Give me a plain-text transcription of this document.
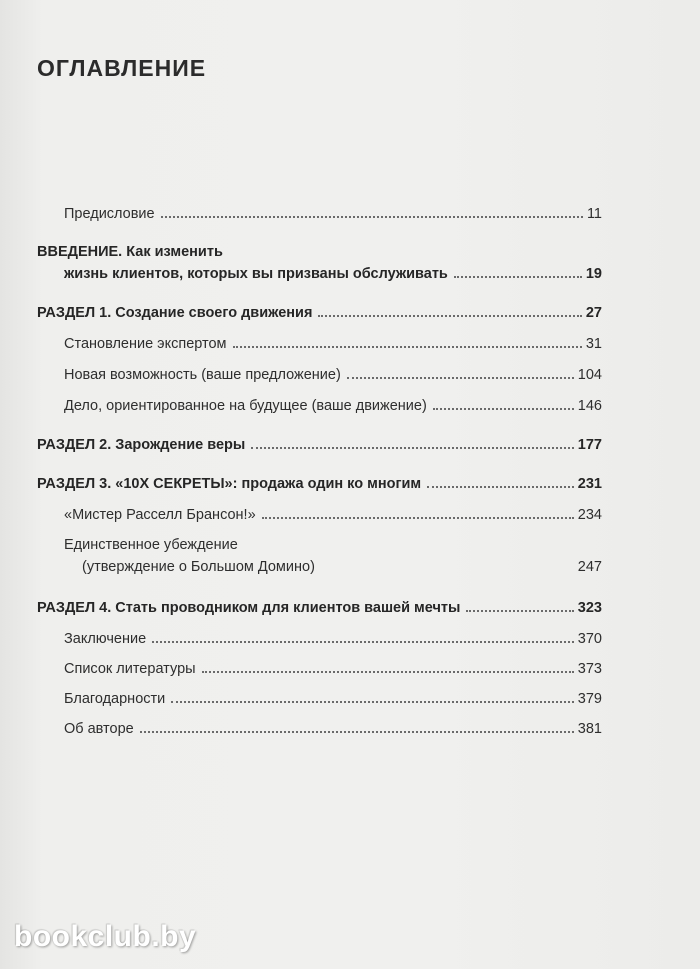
ОГЛАВЛЕНИЕ
Предисловие	11
ВВЕДЕНИЕ. Как изменить
жизнь клиентов, которых вы призваны обслуживать	19
РАЗДЕЛ 1. Создание своего движения	27
Становление экспертом	31
Новая возможность (ваше предложение)	104
Дело, ориентированное на будущее (ваше движение)	146
РАЗДЕЛ 2. Зарождение веры	177
РАЗДЕЛ 3. «10Х СЕКРЕТЫ»: продажа один ко многим	231
«Мистер Расселл Брансон!»	234
Единственное убеждение
(утверждение о Большом Домино)	247
РАЗДЕЛ 4. Стать проводником для клиентов вашей мечты	323
Заключение	370
Список литературы	373
Благодарности	379
Об авторе	381
bookclub.by
